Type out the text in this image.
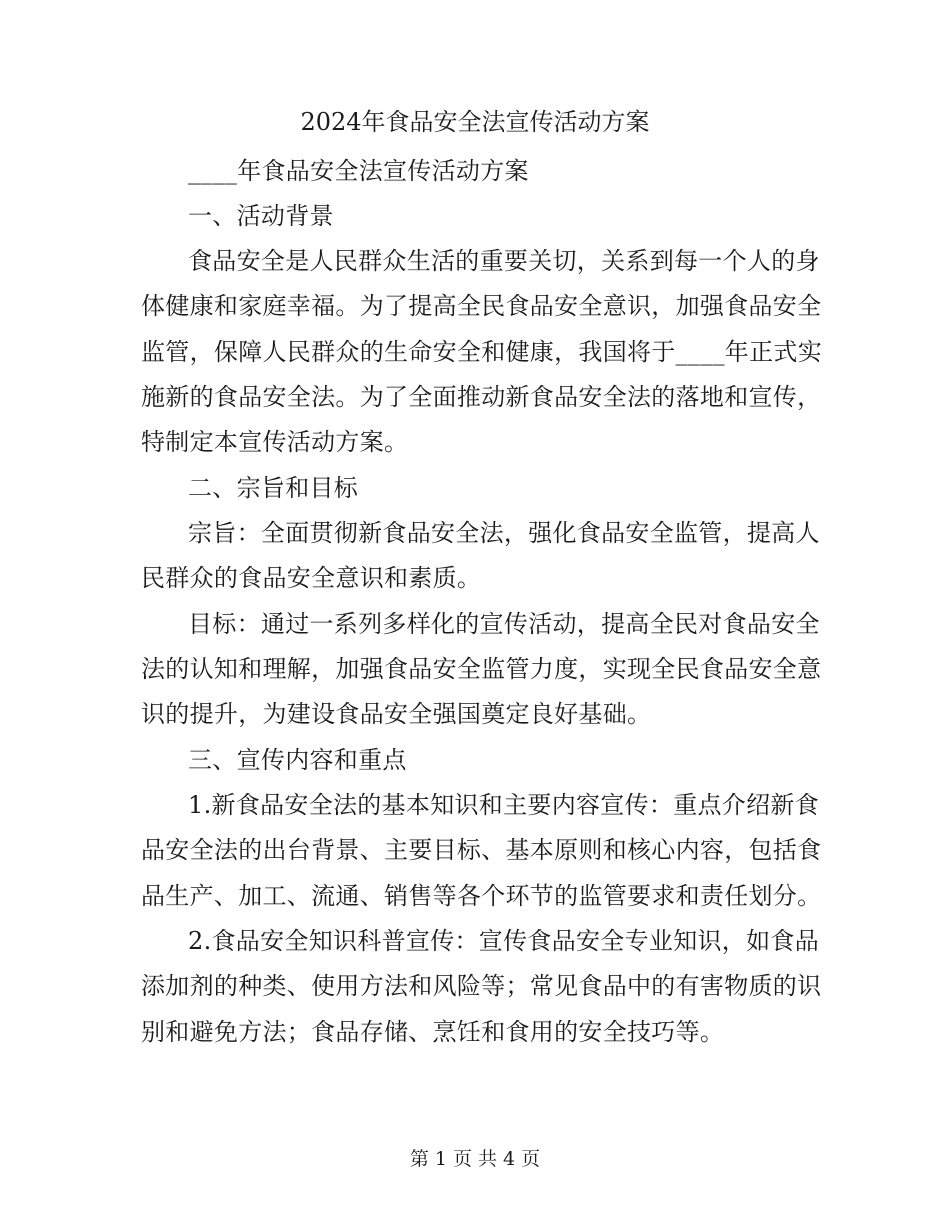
2024年食品安全法宣传活动方案
____年食品安全法宣传活动方案
一、活动背景
食品安全是人民群众生活的重要关切，关系到每一个人的身
体健康和家庭幸福。为了提高全民食品安全意识，加强食品安全
监管，保障人民群众的生命安全和健康，我国将于____年正式实
施新的食品安全法。为了全面推动新食品安全法的落地和宣传，
特制定本宣传活动方案。
二、宗旨和目标
宗旨：全面贯彻新食品安全法，强化食品安全监管，提高人
民群众的食品安全意识和素质。
目标：通过一系列多样化的宣传活动，提高全民对食品安全
法的认知和理解，加强食品安全监管力度，实现全民食品安全意
识的提升，为建设食品安全强国奠定良好基础。
三、宣传内容和重点
1.新食品安全法的基本知识和主要内容宣传：重点介绍新食
品安全法的出台背景、主要目标、基本原则和核心内容，包括食
品生产、加工、流通、销售等各个环节的监管要求和责任划分。
2.食品安全知识科普宣传：宣传食品安全专业知识，如食品
添加剂的种类、使用方法和风险等；常见食品中的有害物质的识
别和避免方法；食品存储、烹饪和食用的安全技巧等。
第 1 页 共 4 页
